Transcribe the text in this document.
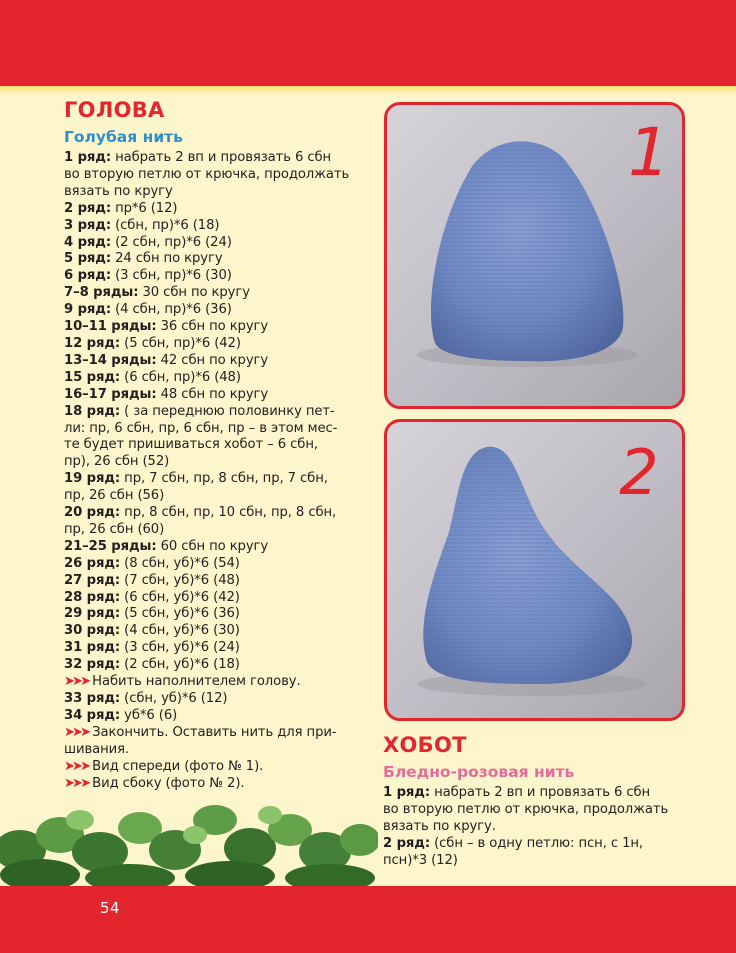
ГОЛОВА
Голубая нить

1 ряд: набрать 2 вп и провязать 6 сбн

во вторую петлю от крючка, продолжать

вязать по кругу

2 ряд: пр*6 (12)

3 ряд: (сбн, пр)*6 (18)

4 ряд: (2 сбн, пр)*6 (24)

5 ряд: 24 сбн по кругу

6 ряд: (3 сбн, пр)*6 (30)

7–8 ряды: 30 сбн по кругу

9 ряд: (4 сбн, пр)*6 (36)

10–11 ряды: 36 сбн по кругу

12 ряд: (5 сбн, пр)*6 (42)

13–14 ряды: 42 сбн по кругу

15 ряд: (6 сбн, пр)*6 (48)

16–17 ряды: 48 сбн по кругу

18 ряд: ( за переднюю половинку пет-

ли: пр, 6 сбн, пр, 6 сбн, пр – в этом мес-

те будет пришиваться хобот – 6 сбн,

пр), 26 сбн (52)

19 ряд: пр, 7 сбн, пр, 8 сбн, пр, 7 сбн,

пр, 26 сбн (56)

20 ряд: пр, 8 сбн, пр, 10 сбн, пр, 8 сбн,

пр, 26 сбн (60)

21–25 ряды: 60 сбн по кругу

26 ряд: (8 сбн, уб)*6 (54)

27 ряд: (7 сбн, уб)*6 (48)

28 ряд: (6 сбн, уб)*6 (42)

29 ряд: (5 сбн, уб)*6 (36)

30 ряд: (4 сбн, уб)*6 (30)

31 ряд: (3 сбн, уб)*6 (24)

32 ряд: (2 сбн, уб)*6 (18)

➤➤➤ Набить наполнителем голову.

33 ряд: (сбн, уб)*6 (12)

34 ряд: уб*6 (6)

➤➤➤ Закончить. Оставить нить для при-

шивания.

➤➤➤ Вид спереди (фото № 1).

➤➤➤ Вид сбоку (фото № 2).

1
2
ХОБОТ
Бледно-розовая нить

1 ряд: набрать 2 вп и провязать 6 сбн

во вторую петлю от крючка, продолжать

вязать по кругу.

2 ряд: (сбн – в одну петлю: псн, с 1н,

псн)*3 (12)

54
